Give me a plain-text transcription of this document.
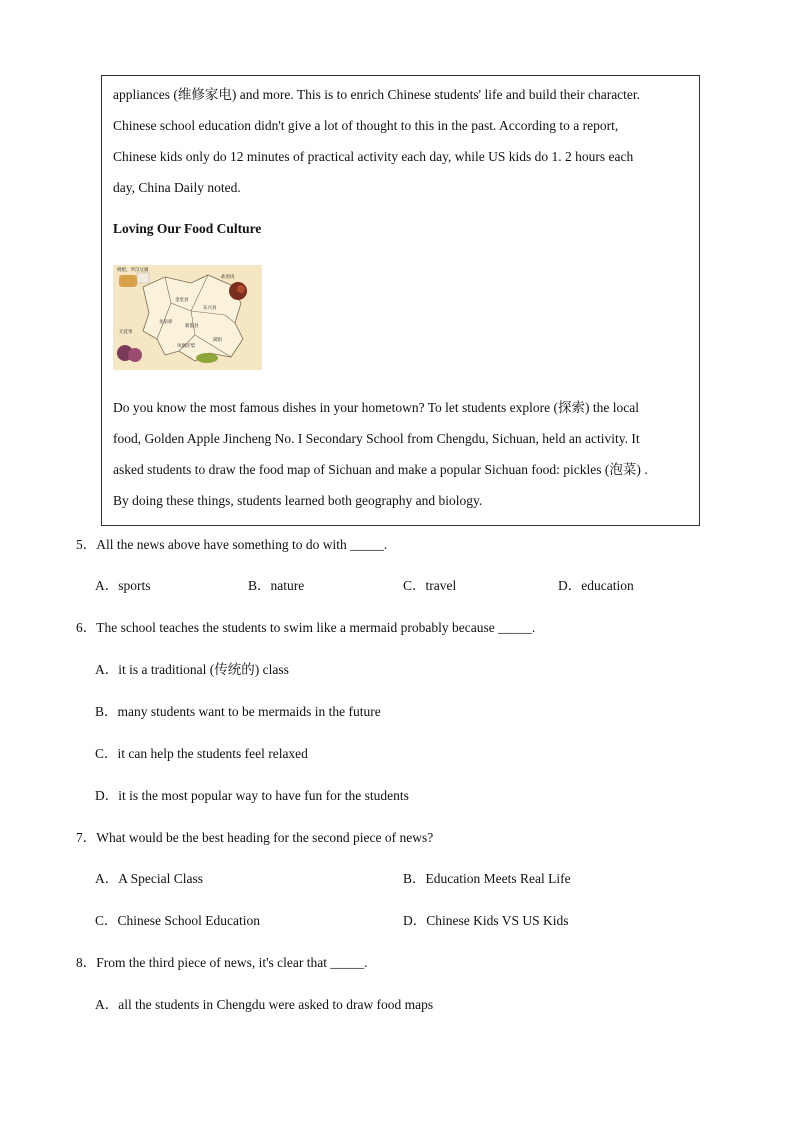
appliances (维修家电) and more. This is to enrich Chinese students' life and build their character.
Chinese school education didn't give a lot of thought to this in the past. According to a report,
Chinese kids only do 12 minutes of practical activity each day, while US kids do 1. 2 hours each
day, China Daily noted.
Loving Our Food Culture
枇杷、罗汉豆腐
盐煎肉
金堂县
龙泉驿
东兴县
新都县
无花果
凤凰洋梨
简阳
Do you know the most famous dishes in your hometown? To let students explore (探索) the local
food, Golden Apple Jincheng No. I Secondary School from Chengdu, Sichuan, held an activity. It
asked students to draw the food map of Sichuan and make a popular Sichuan food: pickles (泡菜) .
By doing these things, students learned both geography and biology.
5．All the news above have something to do with _____.
A．sports	B．nature	C．travel	D．education
6．The school teaches the students to swim like a mermaid probably because _____.
A．it is a traditional (传统的) class
B．many students want to be mermaids in the future
C．it can help the students feel relaxed
D．it is the most popular way to have fun for the students
7．What would be the best heading for the second piece of news?
A．A Special Class	B．Education Meets Real Life
C．Chinese School Education	D．Chinese Kids VS US Kids
8．From the third piece of news, it's clear that _____.
A．all the students in Chengdu were asked to draw food maps
